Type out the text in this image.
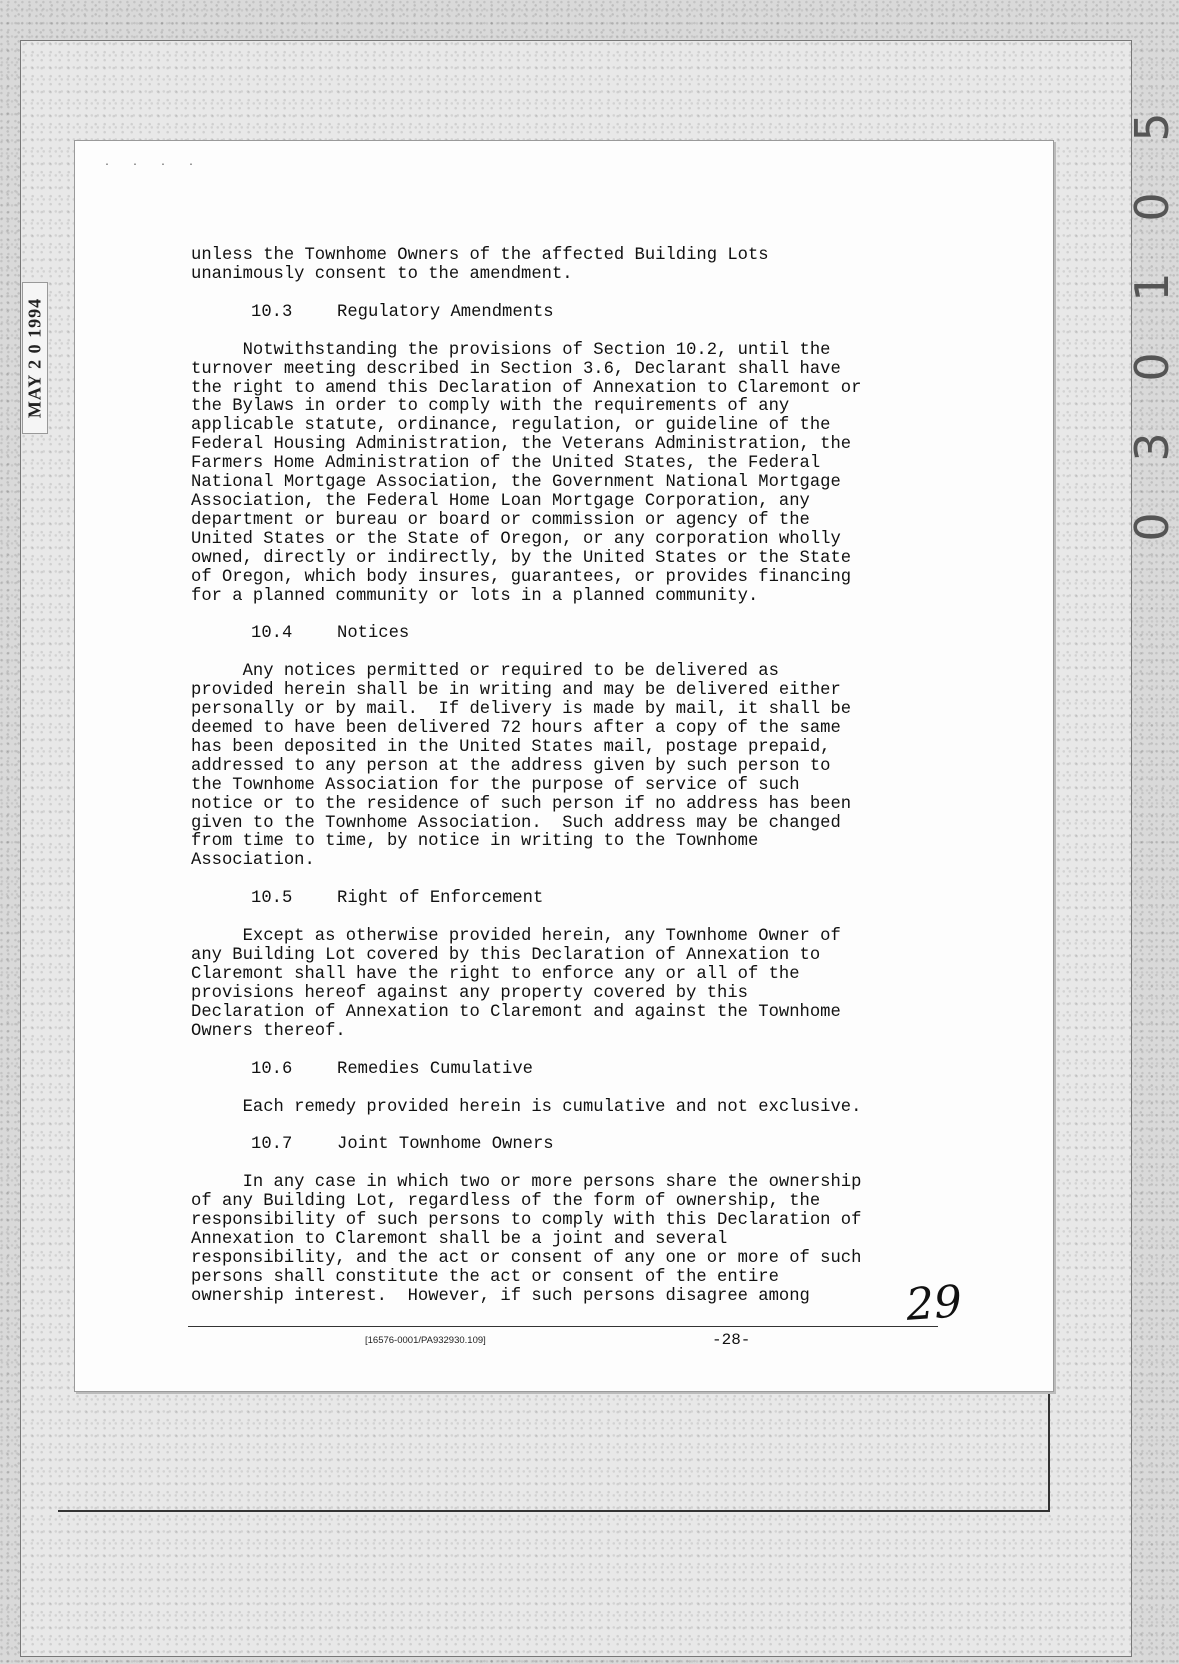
MAY 2 0 1994
5
0
1
0
3
0
· · · ·

unless the Townhome Owners of the affected Building Lots

unanimously consent to the amendment.

10.3	Regulatory Amendments

Notwithstanding the provisions of Section 10.2, until the

turnover meeting described in Section 3.6, Declarant shall have

the right to amend this Declaration of Annexation to Claremont or

the Bylaws in order to comply with the requirements of any

applicable statute, ordinance, regulation, or guideline of the

Federal Housing Administration, the Veterans Administration, the

Farmers Home Administration of the United States, the Federal

National Mortgage Association, the Government National Mortgage

Association, the Federal Home Loan Mortgage Corporation, any

department or bureau or board or commission or agency of the

United States or the State of Oregon, or any corporation wholly

owned, directly or indirectly, by the United States or the State

of Oregon, which body insures, guarantees, or provides financing

for a planned community or lots in a planned community.

10.4	Notices

Any notices permitted or required to be delivered as

provided herein shall be in writing and may be delivered either

personally or by mail.  If delivery is made by mail, it shall be

deemed to have been delivered 72 hours after a copy of the same

has been deposited in the United States mail, postage prepaid,

addressed to any person at the address given by such person to

the Townhome Association for the purpose of service of such

notice or to the residence of such person if no address has been

given to the Townhome Association.  Such address may be changed

from time to time, by notice in writing to the Townhome

Association.

10.5	Right of Enforcement

Except as otherwise provided herein, any Townhome Owner of

any Building Lot covered by this Declaration of Annexation to

Claremont shall have the right to enforce any or all of the

provisions hereof against any property covered by this

Declaration of Annexation to Claremont and against the Townhome

Owners thereof.

10.6	Remedies Cumulative

Each remedy provided herein is cumulative and not exclusive.

10.7	Joint Townhome Owners

In any case in which two or more persons share the ownership

of any Building Lot, regardless of the form of ownership, the

responsibility of such persons to comply with this Declaration of

Annexation to Claremont shall be a joint and several

responsibility, and the act or consent of any one or more of such

persons shall constitute the act or consent of the entire

ownership interest.  However, if such persons disagree among	29
[16576-0001/PA932930.109]	-28-
